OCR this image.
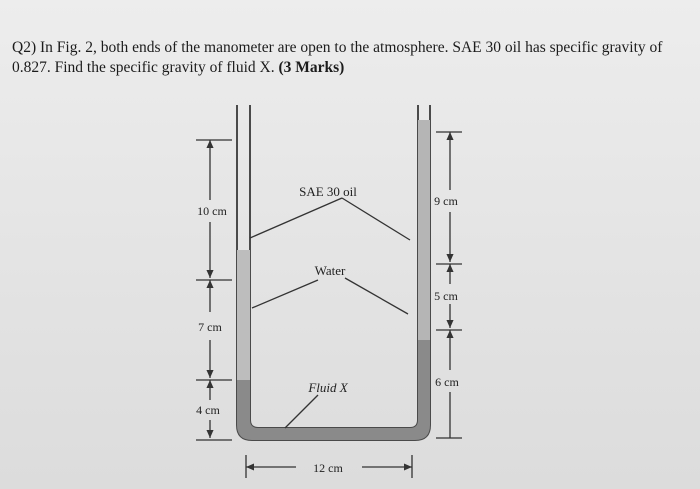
Q2) In Fig. 2, both ends of the manometer are open to the atmosphere. SAE 30 oil has specific gravity of 0.827. Find the specific gravity of fluid X. (3 Marks)

SAE 30 oil
Water
Fluid X
10 cm
7 cm
4 cm
9 cm
5 cm
6 cm
12 cm
